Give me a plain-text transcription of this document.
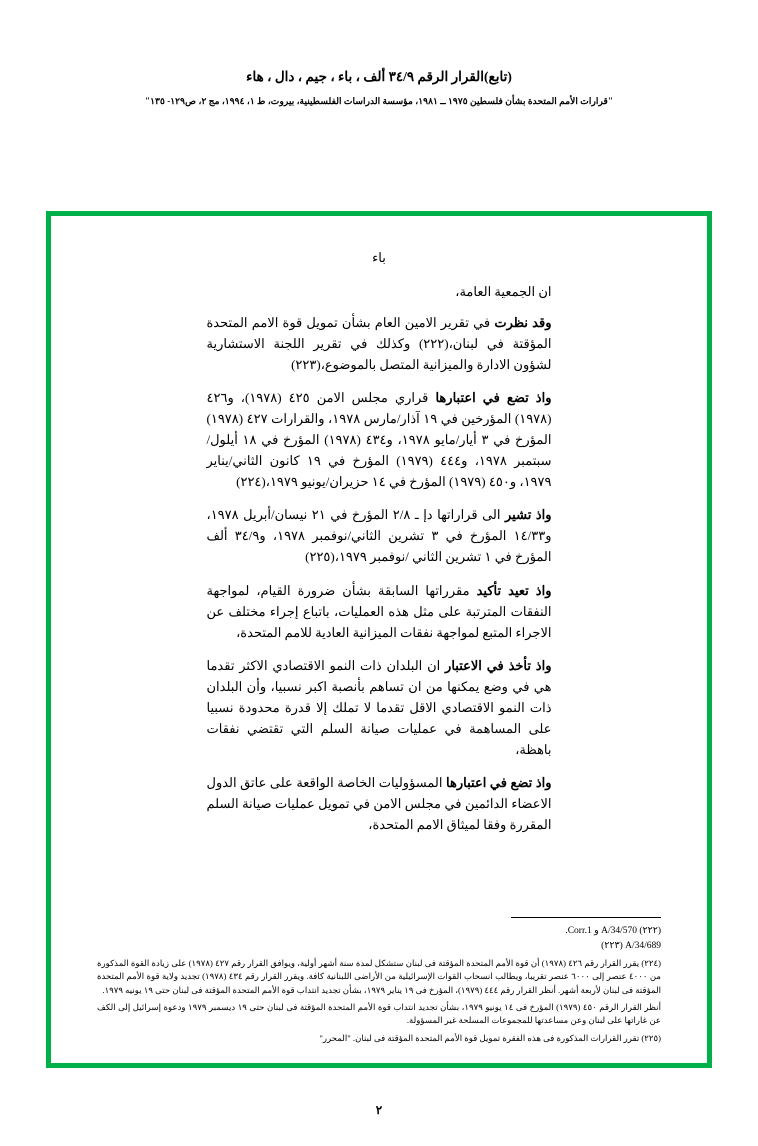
(تابع)القرار الرقم ٣٤/٩ ألف ، باء ، جيم ، دال ، هاء
"قرارات الأمم المتحدة بشأن فلسطين ١٩٧٥ ــ ١٩٨١، مؤسسة الدراسات الفلسطينية، بيروت، ط ١، ١٩٩٤، مج ٢، ص١٢٩- ١٣٥"
باء

ان الجمعية العامة،

وقد نظرت في تقرير الامين العام بشأن تمويل قوة الامم المتحدة المؤقتة في لبنان،(٢٢٢) وكذلك في تقرير اللجنة الاستشارية لشؤون الادارة والميزانية المتصل بالموضوع،(٢٢٣)

واذ تضع في اعتبارها قراري مجلس الامن ٤٢٥ (١٩٧٨)، و٤٢٦ (١٩٧٨) المؤرخين في ١٩ آذار/مارس ١٩٧٨، والقرارات ٤٢٧ (١٩٧٨) المؤرخ في ٣ أيار/مايو ١٩٧٨، و٤٣٤ (١٩٧٨) المؤرخ في ١٨ أيلول/سبتمبر ١٩٧٨، و٤٤٤ (١٩٧٩) المؤرخ في ١٩ كانون الثاني/يناير ١٩٧٩، و٤٥٠ (١٩٧٩) المؤرخ في ١٤ حزيران/يونيو ١٩٧٩،(٢٢٤)

واذ تشير الى قراراتها دإ ـ ٢/٨ المؤرخ في ٢١ نيسان/أبريل ١٩٧٨، و١٤/٣٣ المؤرخ في ٣ تشرين الثاني/نوفمبر ١٩٧٨، و٣٤/٩ ألف المؤرخ في ١ تشرين الثاني /نوفمبر ١٩٧٩،(٢٢٥)

واذ تعيد تأكيد مقرراتها السابقة بشأن ضرورة القيام، لمواجهة النفقات المترتبة على مثل هذه العمليات، باتباع إجراء مختلف عن الاجراء المتبع لمواجهة نفقات الميزانية العادية للامم المتحدة،

واذ تأخذ في الاعتبار ان البلدان ذات النمو الاقتصادي الاكثر تقدما هي في وضع يمكنها من ان تساهم بأنصبة اكبر نسبيا، وأن البلدان ذات النمو الاقتصادي الاقل تقدما لا تملك إلا قدرة محدودة نسبيا على المساهمة في عمليات صيانة السلم التي تقتضي نفقات باهظة،

واذ تضع في اعتبارها المسؤوليات الخاصة الواقعة على عاتق الدول الاعضاء الدائمين في مجلس الامن في تمويل عمليات صيانة السلم المقررة وفقا لميثاق الامم المتحدة،

(٢٢٢) A/34/570 و Corr.1.

A/34/689 (٢٢٣)

(٢٢٤) يقرر القرار رقم ٤٢٦ (١٩٧٨) أن قوة الأمم المتحدة المؤقتة فى لبنان ستشكل لمدة سنة أشهر أولية، ويوافق القرار رقم ٤٢٧ (١٩٧٨) على زيادة القوة المذكورة من ٤٠٠٠ عنصر إلى ٦٠٠٠ عنصر تقريبا، ويطالب انسحاب القوات الإسرائيلية من الأراضى اللبنانية كافة. ويقرر القرار رقم ٤٣٤ (١٩٧٨) تجديد ولاية قوة الأمم المتحدة المؤقتة فى لبنان لأربعة أشهر. أنظر القرار رقم ٤٤٤ (١٩٧٩)، المؤرخ فى ١٩ يناير ١٩٧٩، بشأن تجديد انتداب قوة الأمم المتحدة المؤقتة فى لبنان حتى ١٩ يونيه ١٩٧٩.

أنظر القرار الرقم ٤٥٠ (١٩٧٩) المؤرخ فى ١٤ يونيو ١٩٧٩، بشأن تجديد انتداب قوة الأمم المتحدة المؤقتة فى لبنان حتى ١٩ ديسمبر ١٩٧٩ ودعوة إسرائيل إلى الكف عن غاراتها على لبنان وعن مساعدتها للمجموعات المسلحة غير المسؤولة.

(٢٢٥) تقرر القرارات المذكورة فى هذه الفقرة تمويل قوة الأمم المتحدة المؤقتة فى لبنان. "المحرر"

٢
